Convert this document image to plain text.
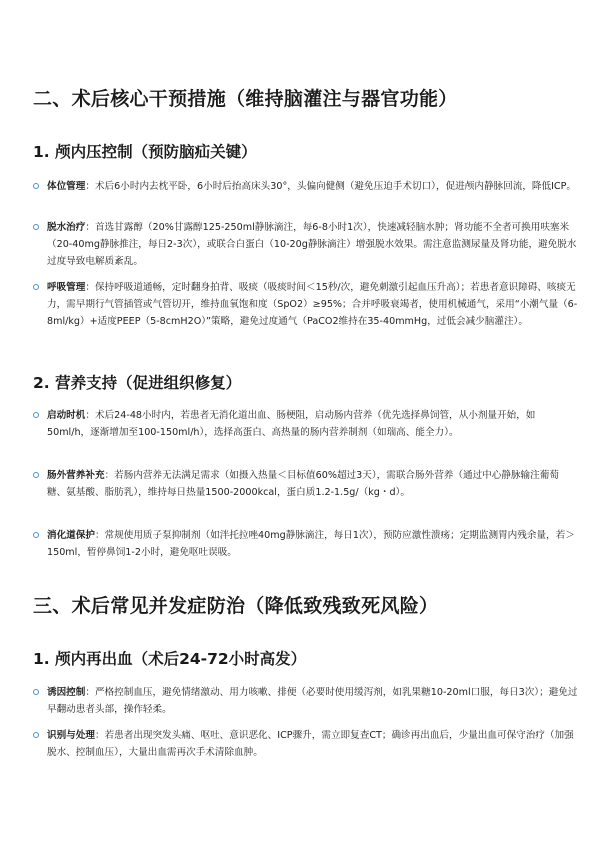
二、术后核心干预措施（维持脑灌注与器官功能）
1. 颅内压控制（预防脑疝关键）
体位管理：术后6小时内去枕平卧，6小时后抬高床头30°，头偏向健侧（避免压迫手术切口），促进颅内静脉回流，降低ICP。
脱水治疗：首选甘露醇（20%甘露醇125-250ml静脉滴注，每6-8小时1次），快速减轻脑水肿；肾功能不全者可换用呋塞米（20-40mg静脉推注，每日2-3次），或联合白蛋白（10-20g静脉滴注）增强脱水效果。需注意监测尿量及肾功能，避免脱水过度导致电解质紊乱。
呼吸管理：保持呼吸道通畅，定时翻身拍背、吸痰（吸痰时间＜15秒/次，避免刺激引起血压升高）；若患者意识障碍、咳痰无力，需早期行气管插管或气管切开，维持血氧饱和度（SpO2）≥95%；合并呼吸衰竭者，使用机械通气，采用“小潮气量（6-8ml/kg）+适度PEEP（5-8cmH2O）”策略，避免过度通气（PaCO2维持在35-40mmHg，过低会减少脑灌注）。
2. 营养支持（促进组织修复）
启动时机：术后24-48小时内，若患者无消化道出血、肠梗阻，启动肠内营养（优先选择鼻饲管，从小剂量开始，如50ml/h，逐渐增加至100-150ml/h），选择高蛋白、高热量的肠内营养制剂（如瑞高、能全力）。
肠外营养补充：若肠内营养无法满足需求（如摄入热量＜目标值60%超过3天），需联合肠外营养（通过中心静脉输注葡萄糖、氨基酸、脂肪乳），维持每日热量1500-2000kcal，蛋白质1.2-1.5g/（kg・d）。
消化道保护：常规使用质子泵抑制剂（如泮托拉唑40mg静脉滴注，每日1次），预防应激性溃疡；定期监测胃内残余量，若＞150ml，暂停鼻饲1-2小时，避免呕吐误吸。
三、术后常见并发症防治（降低致残致死风险）
1. 颅内再出血（术后24-72小时高发）
诱因控制：严格控制血压，避免情绪激动、用力咳嗽、排便（必要时使用缓泻剂，如乳果糖10-20ml口服，每日3次）；避免过早翻动患者头部，操作轻柔。
识别与处理：若患者出现突发头痛、呕吐、意识恶化、ICP骤升，需立即复查CT；确诊再出血后，少量出血可保守治疗（加强脱水、控制血压），大量出血需再次手术清除血肿。
